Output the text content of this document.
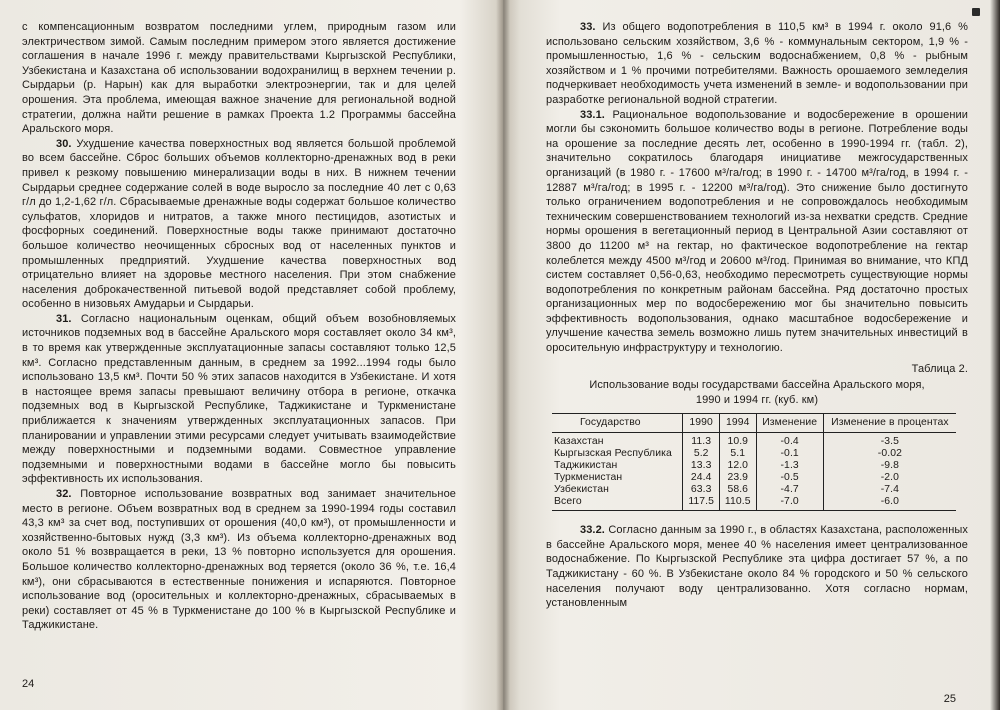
с компенсационным возвратом последними углем, природным газом или электричеством зимой. Самым последним примером этого является достижение соглашения в начале 1996 г. между правительствами Кыргызской Республики, Узбекистана и Казахстана об использовании водохранилищ в верхнем течении р. Сырдарьи (р. Нарын) как для выработки электроэнергии, так и для целей орошения. Эта проблема, имеющая важное значение для региональной водной стратегии, должна найти решение в рамках Проекта 1.2 Программы бассейна Аральского моря.

30. Ухудшение качества поверхностных вод является большой проблемой во всем бассейне. Сброс больших объемов коллекторно-дренажных вод в реки привел к резкому повышению минерализации воды в них. В нижнем течении Сырдарьи среднее содержание солей в воде выросло за последние 40 лет с 0,63 г/л до 1,2-1,62 г/л. Сбрасываемые дренажные воды содержат большое количество сульфатов, хлоридов и нитратов, а также много пестицидов, азотистых и фосфорных соединений. Поверхностные воды также принимают достаточно большое количество неочищенных сбросных вод от населенных пунктов и промышленных предприятий. Ухудшение качества поверхностных вод отрицательно влияет на здоровье местного населения. При этом снабжение населения доброкачественной питьевой водой представляет собой проблему, особенно в низовьях Амударьи и Сырдарьи.

31. Согласно национальным оценкам, общий объем возобновляемых источников подземных вод в бассейне Аральского моря составляет около 34 км³, в то время как утвержденные эксплуатационные запасы составляют только 12,5 км³. Согласно представленным данным, в среднем за 1992...1994 годы было использовано 13,5 км³. Почти 50 % этих запасов находится в Узбекистане. И хотя в настоящее время запасы превышают величину отбора в регионе, откачка подземных вод в Кыргызской Республике, Таджикистане и Туркменистане приближается к значениям утвержденных эксплуатационных запасов. При планировании и управлении этими ресурсами следует учитывать взаимодействие между поверхностными и подземными водами. Совместное управление подземными и поверхностными водами в бассейне могло бы повысить эффективность их использования.

32. Повторное использование возвратных вод занимает значительное место в регионе. Объем возвратных вод в среднем за 1990-1994 годы составил 43,3 км³ за счет вод, поступивших от орошения (40,0 км³), от промышленности и хозяйственно-бытовых нужд (3,3 км³). Из объема коллекторно-дренажных вод около 51 % возвращается в реки, 13 % повторно используется для орошения. Большое количество коллекторно-дренажных вод теряется (около 36 %, т.е. 16,4 км³), они сбрасываются в естественные понижения и испаряются. Повторное использование вод (оросительных и коллекторно-дренажных, сбрасываемых в реки) составляет от 45 % в Туркменистане до 100 % в Кыргызской Республике и Таджикистане.

24

33. Из общего водопотребления в 110,5 км³ в 1994 г. около 91,6 % использовано сельским хозяйством, 3,6 % - коммунальным сектором, 1,9 % - промышленностью, 1,6 % - сельским водоснабжением, 0,8 % - рыбным хозяйством и 1 % прочими потребителями. Важность орошаемого земледелия подчеркивает необходимость учета изменений в земле- и водопользовании при разработке региональной водной стратегии.

33.1. Рациональное водопользование и водосбережение в орошении могли бы сэкономить большое количество воды в регионе. Потребление воды на орошение за последние десять лет, особенно в 1990-1994 гг. (табл. 2), значительно сократилось благодаря инициативе межгосударственных организаций (в 1980 г. - 17600 м³/га/год; в 1990 г. - 14700 м³/га/год, в 1994 г. - 12887 м³/га/год; в 1995 г. - 12200 м³/га/год). Это снижение было достигнуто только ограничением водопотребления и не сопровождалось необходимым техническим совершенствованием технологий из-за нехватки средств. Средние нормы орошения в вегетационный период в Центральной Азии составляют от 3800 до 11200 м³ на гектар, но фактическое водопотребление на гектар колеблется между 4500 м³/год и 20600 м³/год. Принимая во внимание, что КПД систем составляет 0,56-0,63, необходимо пересмотреть существующие нормы водопотребления по конкретным районам бассейна. Ряд достаточно простых организационных мер по водосбережению мог бы значительно повысить эффективность водопользования, однако масштабное водосбережение и улучшение качества земель возможно лишь путем значительных инвестиций в оросительную инфраструктуру и технологию.

Таблица 2.

Использование воды государствами бассейна Аральского моря,
1990 и 1994 гг. (куб. км)

Государство	1990	1994	Изменение	Изменение в процентах
Казахстан	11.3	10.9	-0.4	-3.5
Кыргызская Республика	5.2	5.1	-0.1	-0.02
Таджикистан	13.3	12.0	-1.3	-9.8
Туркменистан	24.4	23.9	-0.5	-2.0
Узбекистан	63.3	58.6	-4.7	-7.4
Всего	117.5	110.5	-7.0	-6.0

33.2. Согласно данным за 1990 г., в областях Казахстана, расположенных в бассейне Аральского моря, менее 40 % населения имеет централизованное водоснабжение. По Кыргызской Республике эта цифра достигает 57 %, а по Таджикистану - 60 %. В Узбекистане около 84 % городского и 50 % сельского населения получают воду централизованно. Хотя согласно нормам, установленным

25
